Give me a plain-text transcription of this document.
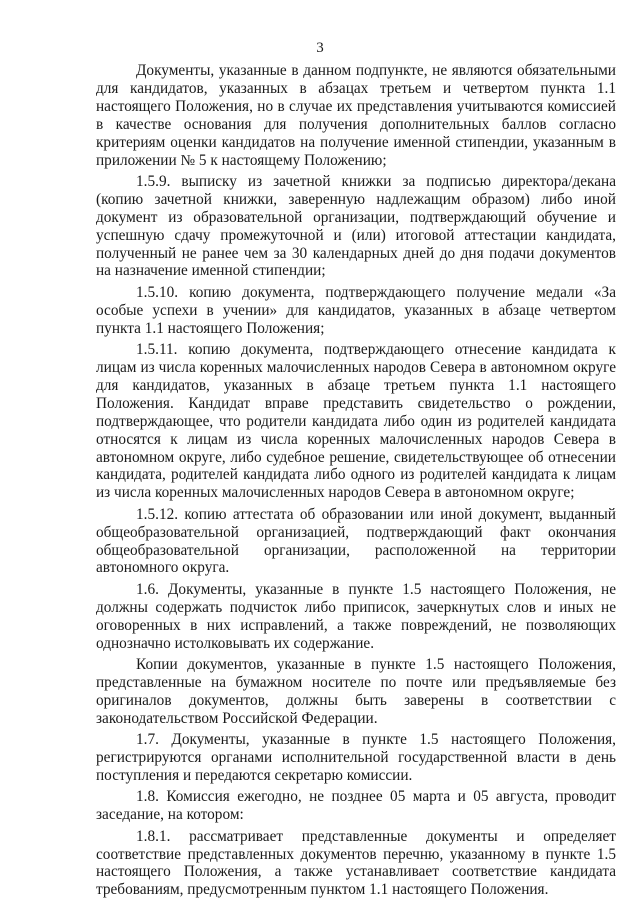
3

Документы, указанные в данном подпункте, не являются обязательными для кандидатов, указанных в абзацах третьем и четвертом пункта 1.1 настоящего Положения, но в случае их представления учитываются комиссией в качестве основания для получения дополнительных баллов согласно критериям оценки кандидатов на получение именной стипендии, указанным в приложении № 5 к настоящему Положению;

1.5.9. выписку из зачетной книжки за подписью директора/декана (копию зачетной книжки, заверенную надлежащим образом) либо иной документ из образовательной организации, подтверждающий обучение и успешную сдачу промежуточной и (или) итоговой аттестации кандидата, полученный не ранее чем за 30 календарных дней до дня подачи документов на назначение именной стипендии;

1.5.10. копию документа, подтверждающего получение медали «За особые успехи в учении» для кандидатов, указанных в абзаце четвертом пункта 1.1 настоящего Положения;

1.5.11. копию документа, подтверждающего отнесение кандидата к лицам из числа коренных малочисленных народов Севера в автономном округе для кандидатов, указанных в абзаце третьем пункта 1.1 настоящего Положения. Кандидат вправе представить свидетельство о рождении, подтверждающее, что родители кандидата либо один из родителей кандидата относятся к лицам из числа коренных малочисленных народов Севера в автономном округе, либо судебное решение, свидетельствующее об отнесении кандидата, родителей кандидата либо одного из родителей кандидата к лицам из числа коренных малочисленных народов Севера в автономном округе;

1.5.12. копию аттестата об образовании или иной документ, выданный общеобразовательной организацией, подтверждающий факт окончания общеобразовательной организации, расположенной на территории автономного округа.

1.6. Документы, указанные в пункте 1.5 настоящего Положения, не должны содержать подчисток либо приписок, зачеркнутых слов и иных не оговоренных в них исправлений, а также повреждений, не позволяющих однозначно истолковывать их содержание.

Копии документов, указанные в пункте 1.5 настоящего Положения, представленные на бумажном носителе по почте или предъявляемые без оригиналов документов, должны быть заверены в соответствии с законодательством Российской Федерации.

1.7. Документы, указанные в пункте 1.5 настоящего Положения, регистрируются органами исполнительной государственной власти в день поступления и передаются секретарю комиссии.

1.8. Комиссия ежегодно, не позднее 05 марта и 05 августа, проводит заседание, на котором:

1.8.1. рассматривает представленные документы и определяет соответствие представленных документов перечню, указанному в пункте 1.5 настоящего Положения, а также устанавливает соответствие кандидата требованиям, предусмотренным пунктом 1.1 настоящего Положения.
